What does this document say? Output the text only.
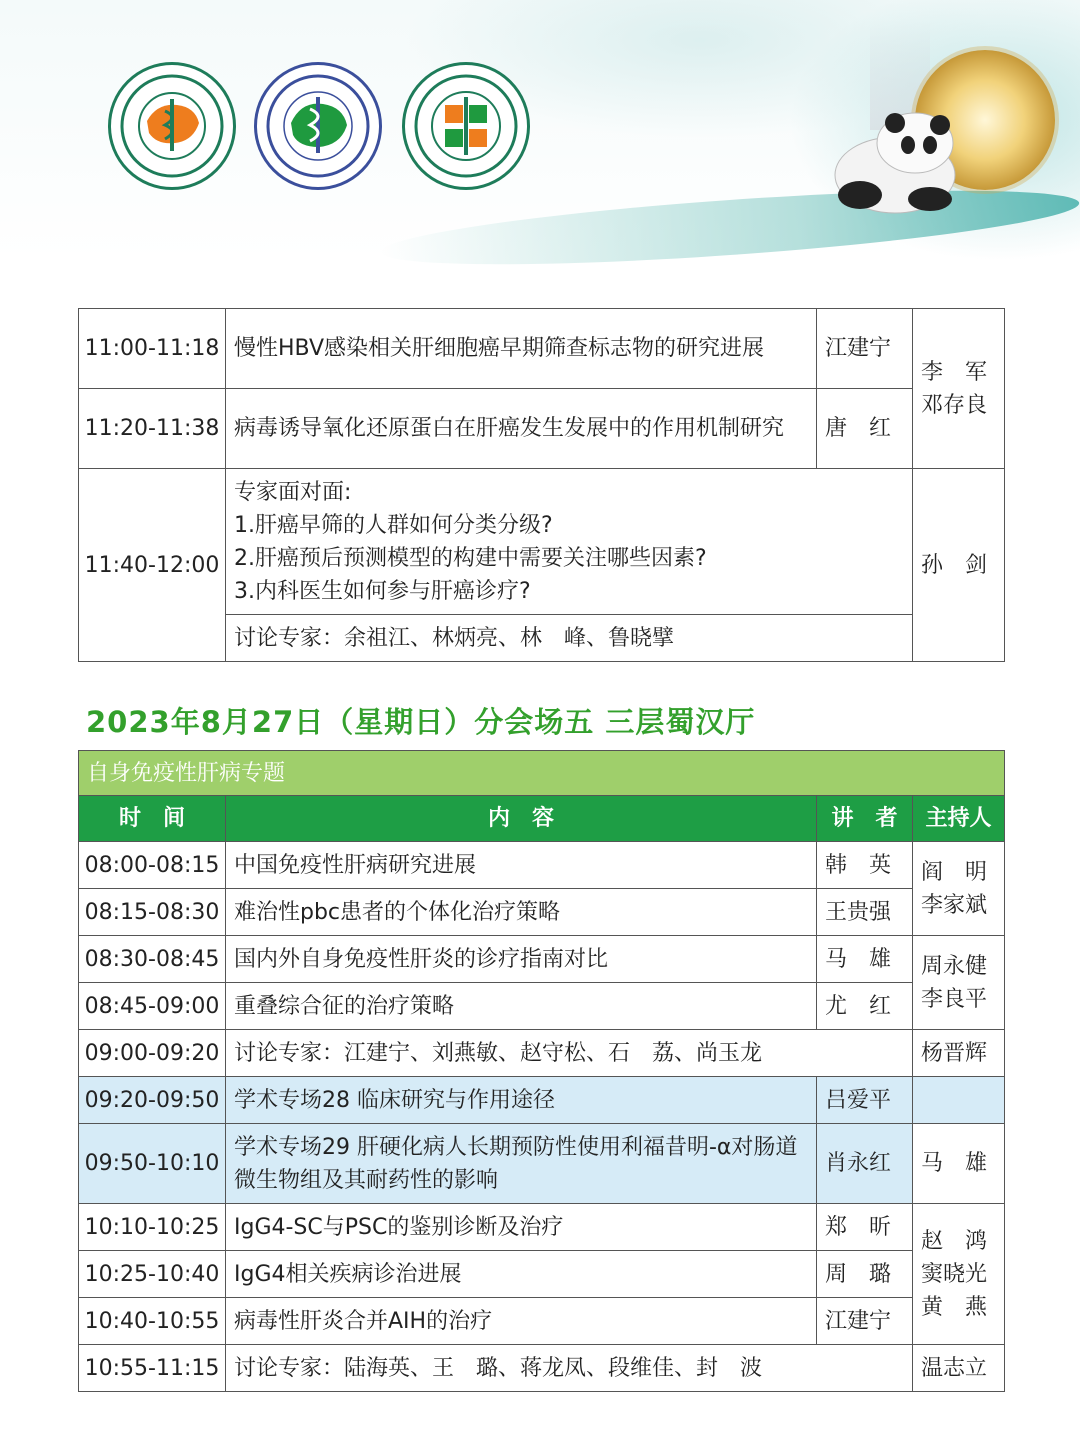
11:00-11:18	慢性HBV感染相关肝细胞癌早期筛查标志物的研究进展	江建宁	李　军
邓存良

11:20-11:38	病毒诱导氧化还原蛋白在肝癌发生发展中的作用机制研究	唐　红	
11:40-12:00	专家面对面:
1.肝癌早筛的人群如何分类分级?
2.肝癌预后预测模型的构建中需要关注哪些因素?
3.内科医生如何参与肝癌诊疗?		孙　剑
	讨论专家：余祖江、林炳亮、林　峰、鲁晓擘		
2023年8月27日（星期日）分会场五 三层蜀汉厅
自身免疫性肝病专题			
时　间	内　容	讲　者	主持人
08:00-08:15	中国免疫性肝病研究进展	韩　英	阎　明
李家斌

08:15-08:30	难治性pbc患者的个体化治疗策略	王贵强	
08:30-08:45	国内外自身免疫性肝炎的诊疗指南对比	马　雄	周永健
李良平

08:45-09:00	重叠综合征的治疗策略	尤　红	
09:00-09:20	讨论专家：江建宁、刘燕敏、赵守松、石　荔、尚玉龙		杨晋辉
09:20-09:50	学术专场28 临床研究与作用途径	吕爱平	
09:50-10:10	学术专场29 肝硬化病人长期预防性使用利福昔明-α对肠道微生物组及其耐药性的影响	肖永红	马　雄
10:10-10:25	IgG4-SC与PSC的鉴别诊断及治疗	郑　昕	赵　鸿
窦晓光
黄　燕

10:25-10:40	IgG4相关疾病诊治进展	周　璐	
10:40-10:55	病毒性肝炎合并AIH的治疗	江建宁	
10:55-11:15	讨论专家：陆海英、王　璐、蒋龙凤、段维佳、封　波		温志立
